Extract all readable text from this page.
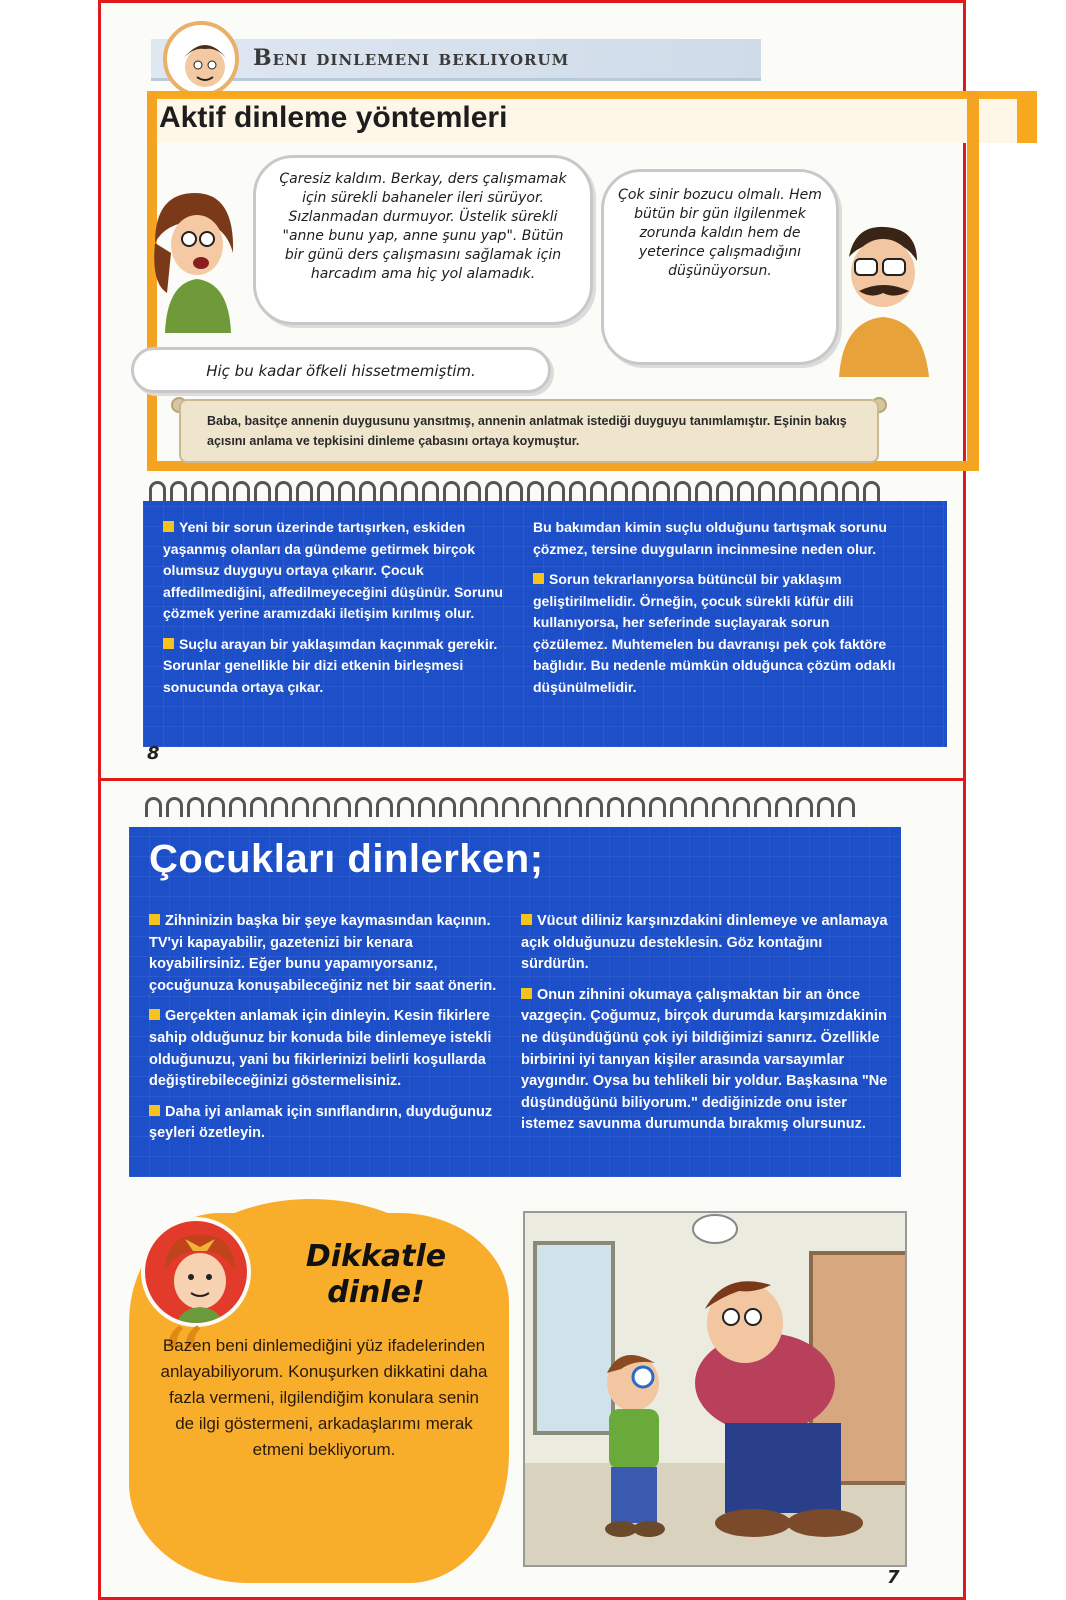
Beni dinlemeni bekliyorum
Aktif dinleme yöntemleri
Çaresiz kaldım. Berkay, ders çalışmamak için sürekli bahaneler ileri sürüyor. Sızlanmadan durmuyor. Üstelik sürekli "anne bunu yap, anne şunu yap". Bütün bir günü ders çalışmasını sağlamak için harcadım ama hiç yol alamadık.
Çok sinir bozucu olmalı. Hem bütün bir gün ilgilenmek zorunda kaldın hem de yeterince çalışmadığını düşünüyorsun.
Hiç bu kadar öfkeli hissetmemiştim.
Baba, basitçe annenin duygusunu yansıtmış, annenin anlatmak istediği duyguyu tanımlamıştır. Eşinin bakış açısını anlama ve tepkisini dinleme çabasını ortaya koymuştur.
Yeni bir sorun üzerinde tartışırken, eskiden yaşanmış olanları da gündeme getirmek birçok olumsuz duyguyu ortaya çıkarır. Çocuk affedilmediğini, affedilmeyeceğini düşünür. Sorunu çözmek yerine aramızdaki iletişim kırılmış olur.
Suçlu arayan bir yaklaşımdan kaçınmak gerekir. Sorunlar genellikle bir dizi etkenin birleşmesi sonucunda ortaya çıkar.
Bu bakımdan kimin suçlu olduğunu tartışmak sorunu çözmez, tersine duyguların incinmesine neden olur.
Sorun tekrarlanıyorsa bütüncül bir yaklaşım geliştirilmelidir. Örneğin, çocuk sürekli küfür dili kullanıyorsa, her seferinde suçlayarak sorun çözülemez. Muhtemelen bu davranışı pek çok faktöre bağlıdır. Bu nedenle mümkün olduğunca çözüm odaklı düşünülmelidir.
8
Zihninizin başka bir şeye kaymasından kaçının. TV'yi kapayabilir, gazetenizi bir kenara koyabilirsiniz. Eğer bunu yapamıyorsanız, çocuğunuza konuşabileceğiniz net bir saat önerin.
Gerçekten anlamak için dinleyin. Kesin fikirlere sahip olduğunuz bir konuda bile dinlemeye istekli olduğunuzu, yani bu fikirlerinizi belirli koşullarda değiştirebileceğinizi göstermelisiniz.
Daha iyi anlamak için sınıflandırın, duyduğunuz şeyleri özetleyin.
Vücut diliniz karşınızdakini dinlemeye ve anlamaya açık olduğunuzu desteklesin. Göz kontağını sürdürün.
Onun zihnini okumaya çalışmaktan bir an önce vazgeçin. Çoğumuz, birçok durumda karşımızdakinin ne düşündüğünü çok iyi bildiğimizi sanırız. Özellikle birbirini iyi tanıyan kişiler arasında varsayımlar yaygındır. Oysa bu tehlikeli bir yoldur. Başkasına "Ne düşündüğünü biliyorum." dediğinizde onu ister istemez savunma durumunda bırakmış olursunuz.
Çocukları dinlerken;
Dikkatle dinle!
“
Bazen beni dinlemediğini yüz ifadelerinden anlayabiliyorum. Konuşurken dikkatini daha fazla vermeni, ilgilendiğim konulara senin de ilgi göstermeni, arkadaşlarımı merak etmeni bekliyorum.
7
